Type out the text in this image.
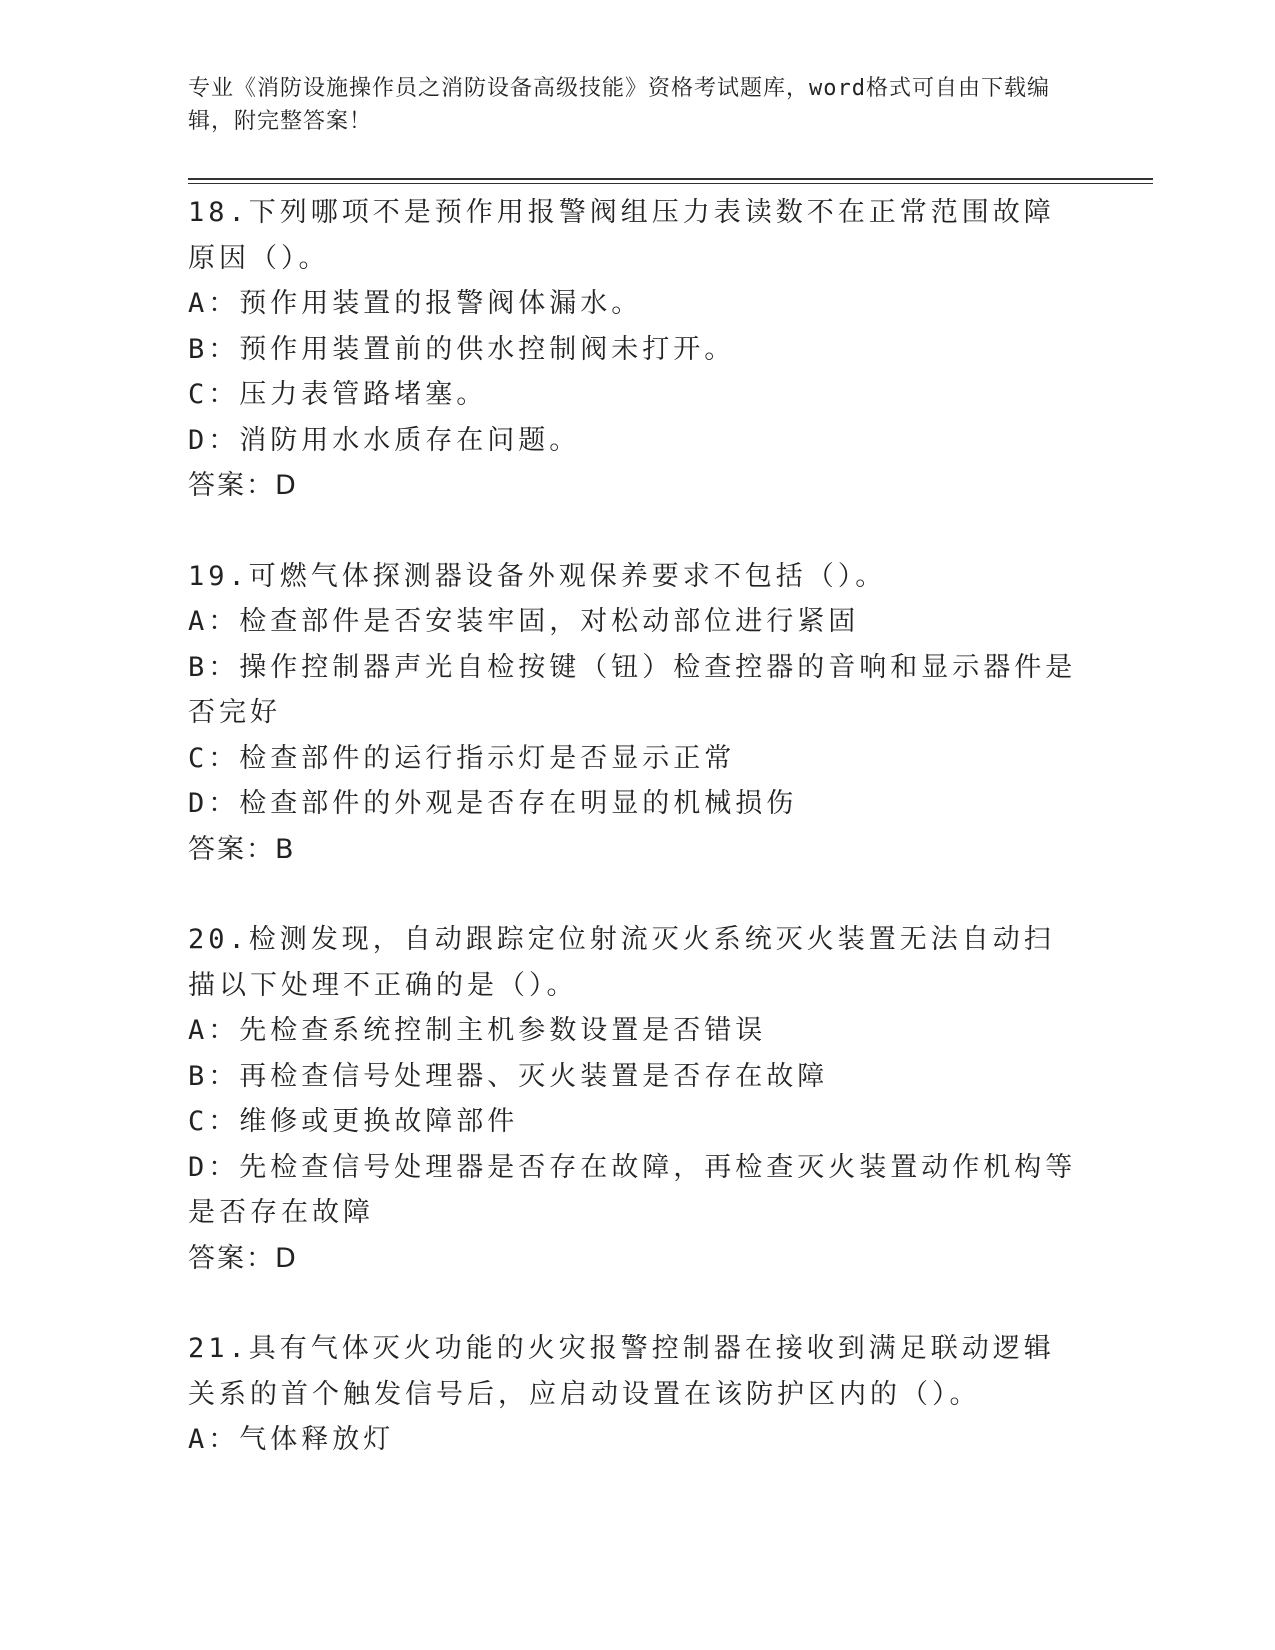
专业《消防设施操作员之消防设备高级技能》资格考试题库，word格式可自由下载编辑，附完整答案！
18.下列哪项不是预作用报警阀组压力表读数不在正常范围故障原因（）。
A：预作用装置的报警阀体漏水。
B：预作用装置前的供水控制阀未打开。
C：压力表管路堵塞。
D：消防用水水质存在问题。
答案：D
19.可燃气体探测器设备外观保养要求不包括（）。
A：检查部件是否安装牢固，对松动部位进行紧固
B：操作控制器声光自检按键（钮）检查控器的音响和显示器件是否完好
C：检查部件的运行指示灯是否显示正常
D：检查部件的外观是否存在明显的机械损伤
答案：B
20.检测发现，自动跟踪定位射流灭火系统灭火装置无法自动扫描以下处理不正确的是（）。
A：先检查系统控制主机参数设置是否错误
B：再检查信号处理器、灭火装置是否存在故障
C：维修或更换故障部件
D：先检查信号处理器是否存在故障，再检查灭火装置动作机构等是否存在故障
答案：D
21.具有气体灭火功能的火灾报警控制器在接收到满足联动逻辑关系的首个触发信号后，应启动设置在该防护区内的（）。
A：气体释放灯
